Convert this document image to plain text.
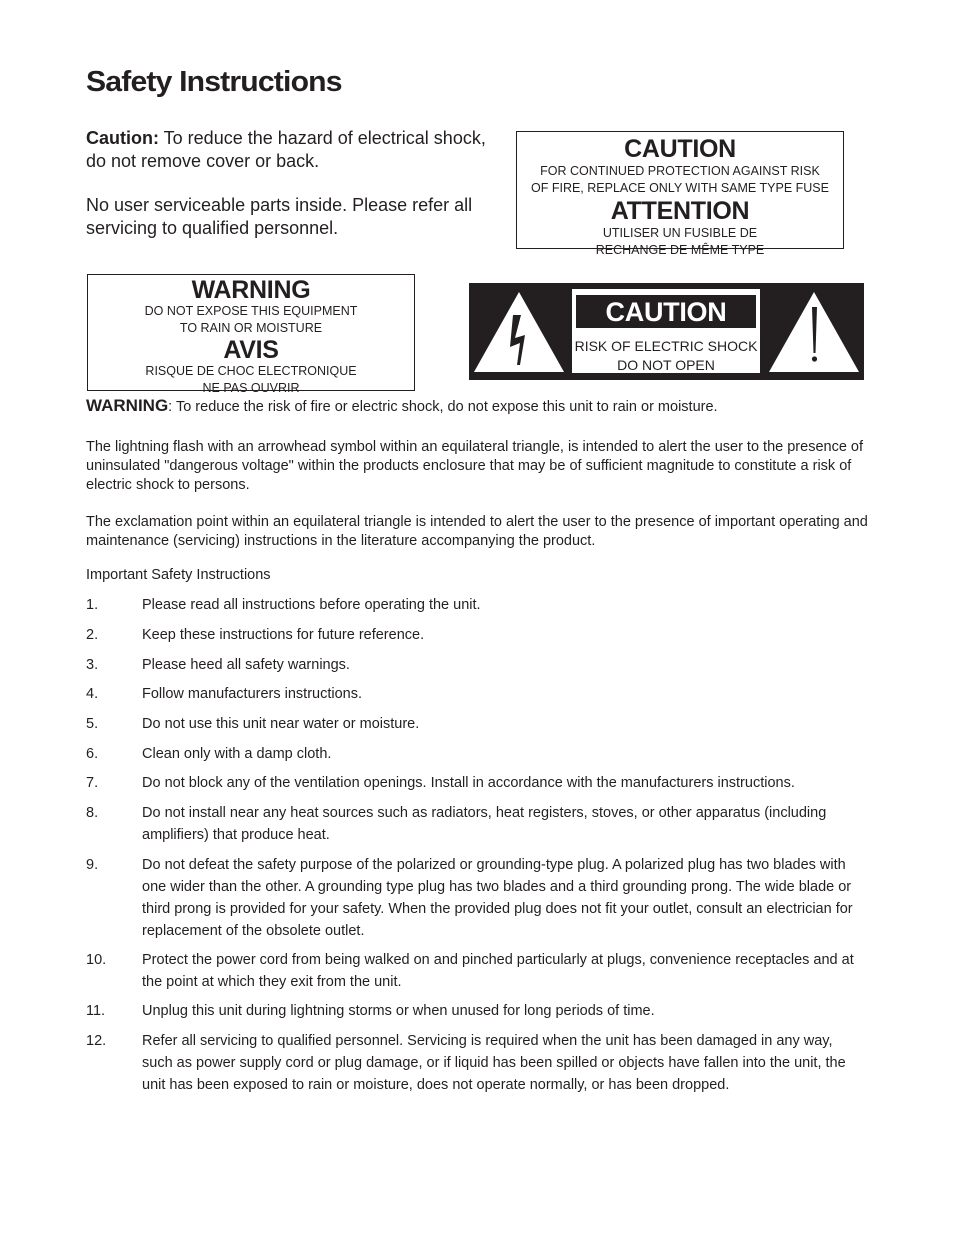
Safety Instructions

Caution: To reduce the hazard of electrical shock, do not remove cover or back.

No user serviceable parts inside. Please refer all servicing to qualified personnel.

CAUTION
FOR CONTINUED PROTECTION AGAINST RISK
OF FIRE, REPLACE ONLY WITH SAME TYPE FUSE
ATTENTION
UTILISER UN FUSIBLE DE
RECHANGE DE MÊME TYPE
WARNING
DO NOT EXPOSE THIS EQUIPMENT
TO RAIN OR MOISTURE
AVIS
RISQUE DE CHOC ELECTRONIQUE
NE PAS OUVRIR
CAUTION
RISK OF ELECTRIC SHOCK
DO NOT OPEN
WARNING: To reduce the risk of fire or electric shock, do not expose this unit to rain or moisture.
The lightning flash with an arrowhead symbol within an equilateral triangle, is intended to alert the user to the presence of uninsulated "dangerous voltage" within the products enclosure that may be of sufficient magnitude to constitute a risk of electric shock to persons.
The exclamation point within an equilateral triangle is intended to alert the user to the presence of important operating and maintenance (servicing) instructions in the literature accompanying the product.
Important Safety Instructions
1.	Please read all instructions before operating the unit.
2.	Keep these instructions for future reference.
3.	Please heed all safety warnings.
4.	Follow manufacturers instructions.
5.	Do not use this unit near water or moisture.
6.	Clean only with a damp cloth.
7.	Do not block any of the ventilation openings. Install in accordance with the manufacturers instructions.
8.	Do not install near any heat sources such as radiators, heat registers, stoves, or other apparatus (including amplifiers) that produce heat.
9.	Do not defeat the safety purpose of the polarized or grounding-type plug. A polarized plug has two blades with one wider than the other. A grounding type plug has two blades and a third grounding prong. The wide blade or third prong is provided for your safety. When the provided plug does not fit your outlet, consult an electrician for replacement of the obsolete outlet.
10. Protect the power cord from being walked on and pinched particularly at plugs, convenience receptacles and at the point at which they exit from the unit.
11.	Unplug this unit during lightning storms or when unused for long periods of time.
12. Refer all servicing to qualified personnel. Servicing is required when the unit has been damaged in any way, such as power supply cord or plug damage, or if liquid has been spilled or objects have fallen into the unit, the unit has been exposed to rain or moisture, does not operate normally, or has been dropped.
